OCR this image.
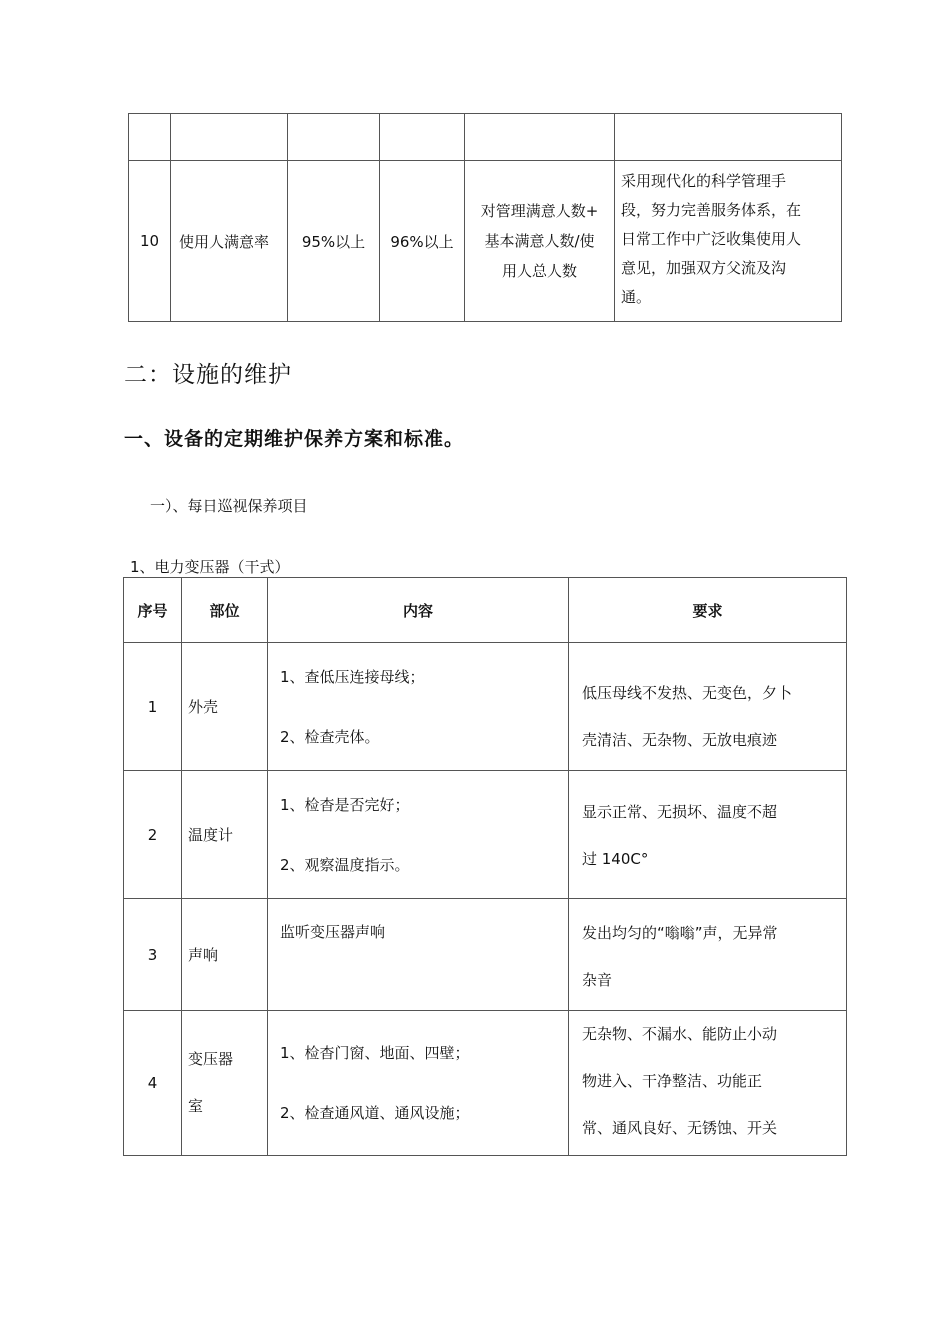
10	使用人满意率	95%以上	96%以上	对管理满意人数+
基本满意人数/使
用人总人数	采用现代化的科学管理手
段，努力完善服务体系，在
日常工作中广泛收集使用人
意见，加强双方父流及沟
通。
二：设施的维护
一、设备的定期维护保养方案和标准。
一）、每日巡视保养项目
1、电力变压器（干式）
序号	部位	内容	要求
1	外壳	1、查低压连接母线；
2、检查壳体。	低压母线不发热、无变色，夕卜
壳清洁、无杂物、无放电痕迹

2	温度计	1、检杳是否完好；
2、观察温度指示。	显示正常、无损坏、温度不超
过 140C°

3	声响	监听变压器声响	发出均匀的“嗡嗡”声，无异常
杂音

4	变压器
室	1、检杳门窗、地面、四壁；
2、检查通风道、通风设施；	无杂物、不漏水、能防止小动
物进入、干净整洁、功能正
常、通风良好、无锈蚀、开关
